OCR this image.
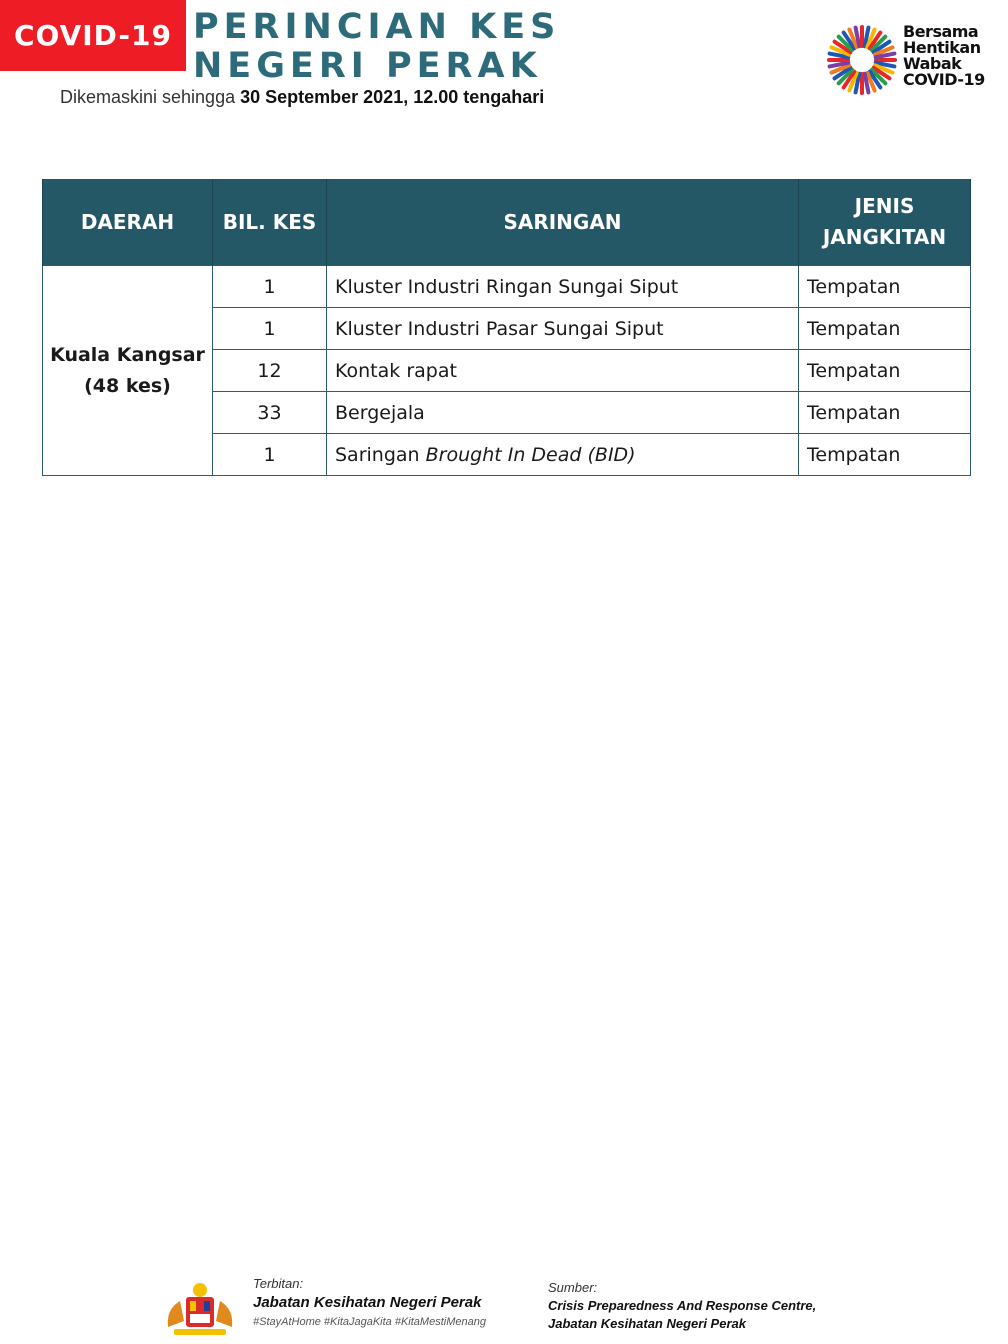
COVID-19 PERINCIAN KES
NEGERI PERAK
Dikemaskini sehingga 30 September 2021, 12.00 tengahari
Bersama
Hentikan
Wabak
COVID-19
DAERAH	BIL. KES	SARINGAN	JENIS
JANGKITAN

Kuala Kangsar
(48 kes)	1	Kluster Industri Ringan Sungai Siput	Tempatan
	1	Kluster Industri Pasar Sungai Siput	Tempatan
	12	Kontak rapat	Tempatan
	33	Bergejala	Tempatan
	1	Saringan Brought In Dead (BID)	Tempatan
Terbitan:
Jabatan Kesihatan Negeri Perak
#StayAtHome #KitaJagaKita #KitaMestiMenang
Sumber:
Crisis Preparedness And Response Centre,
Jabatan Kesihatan Negeri Perak
